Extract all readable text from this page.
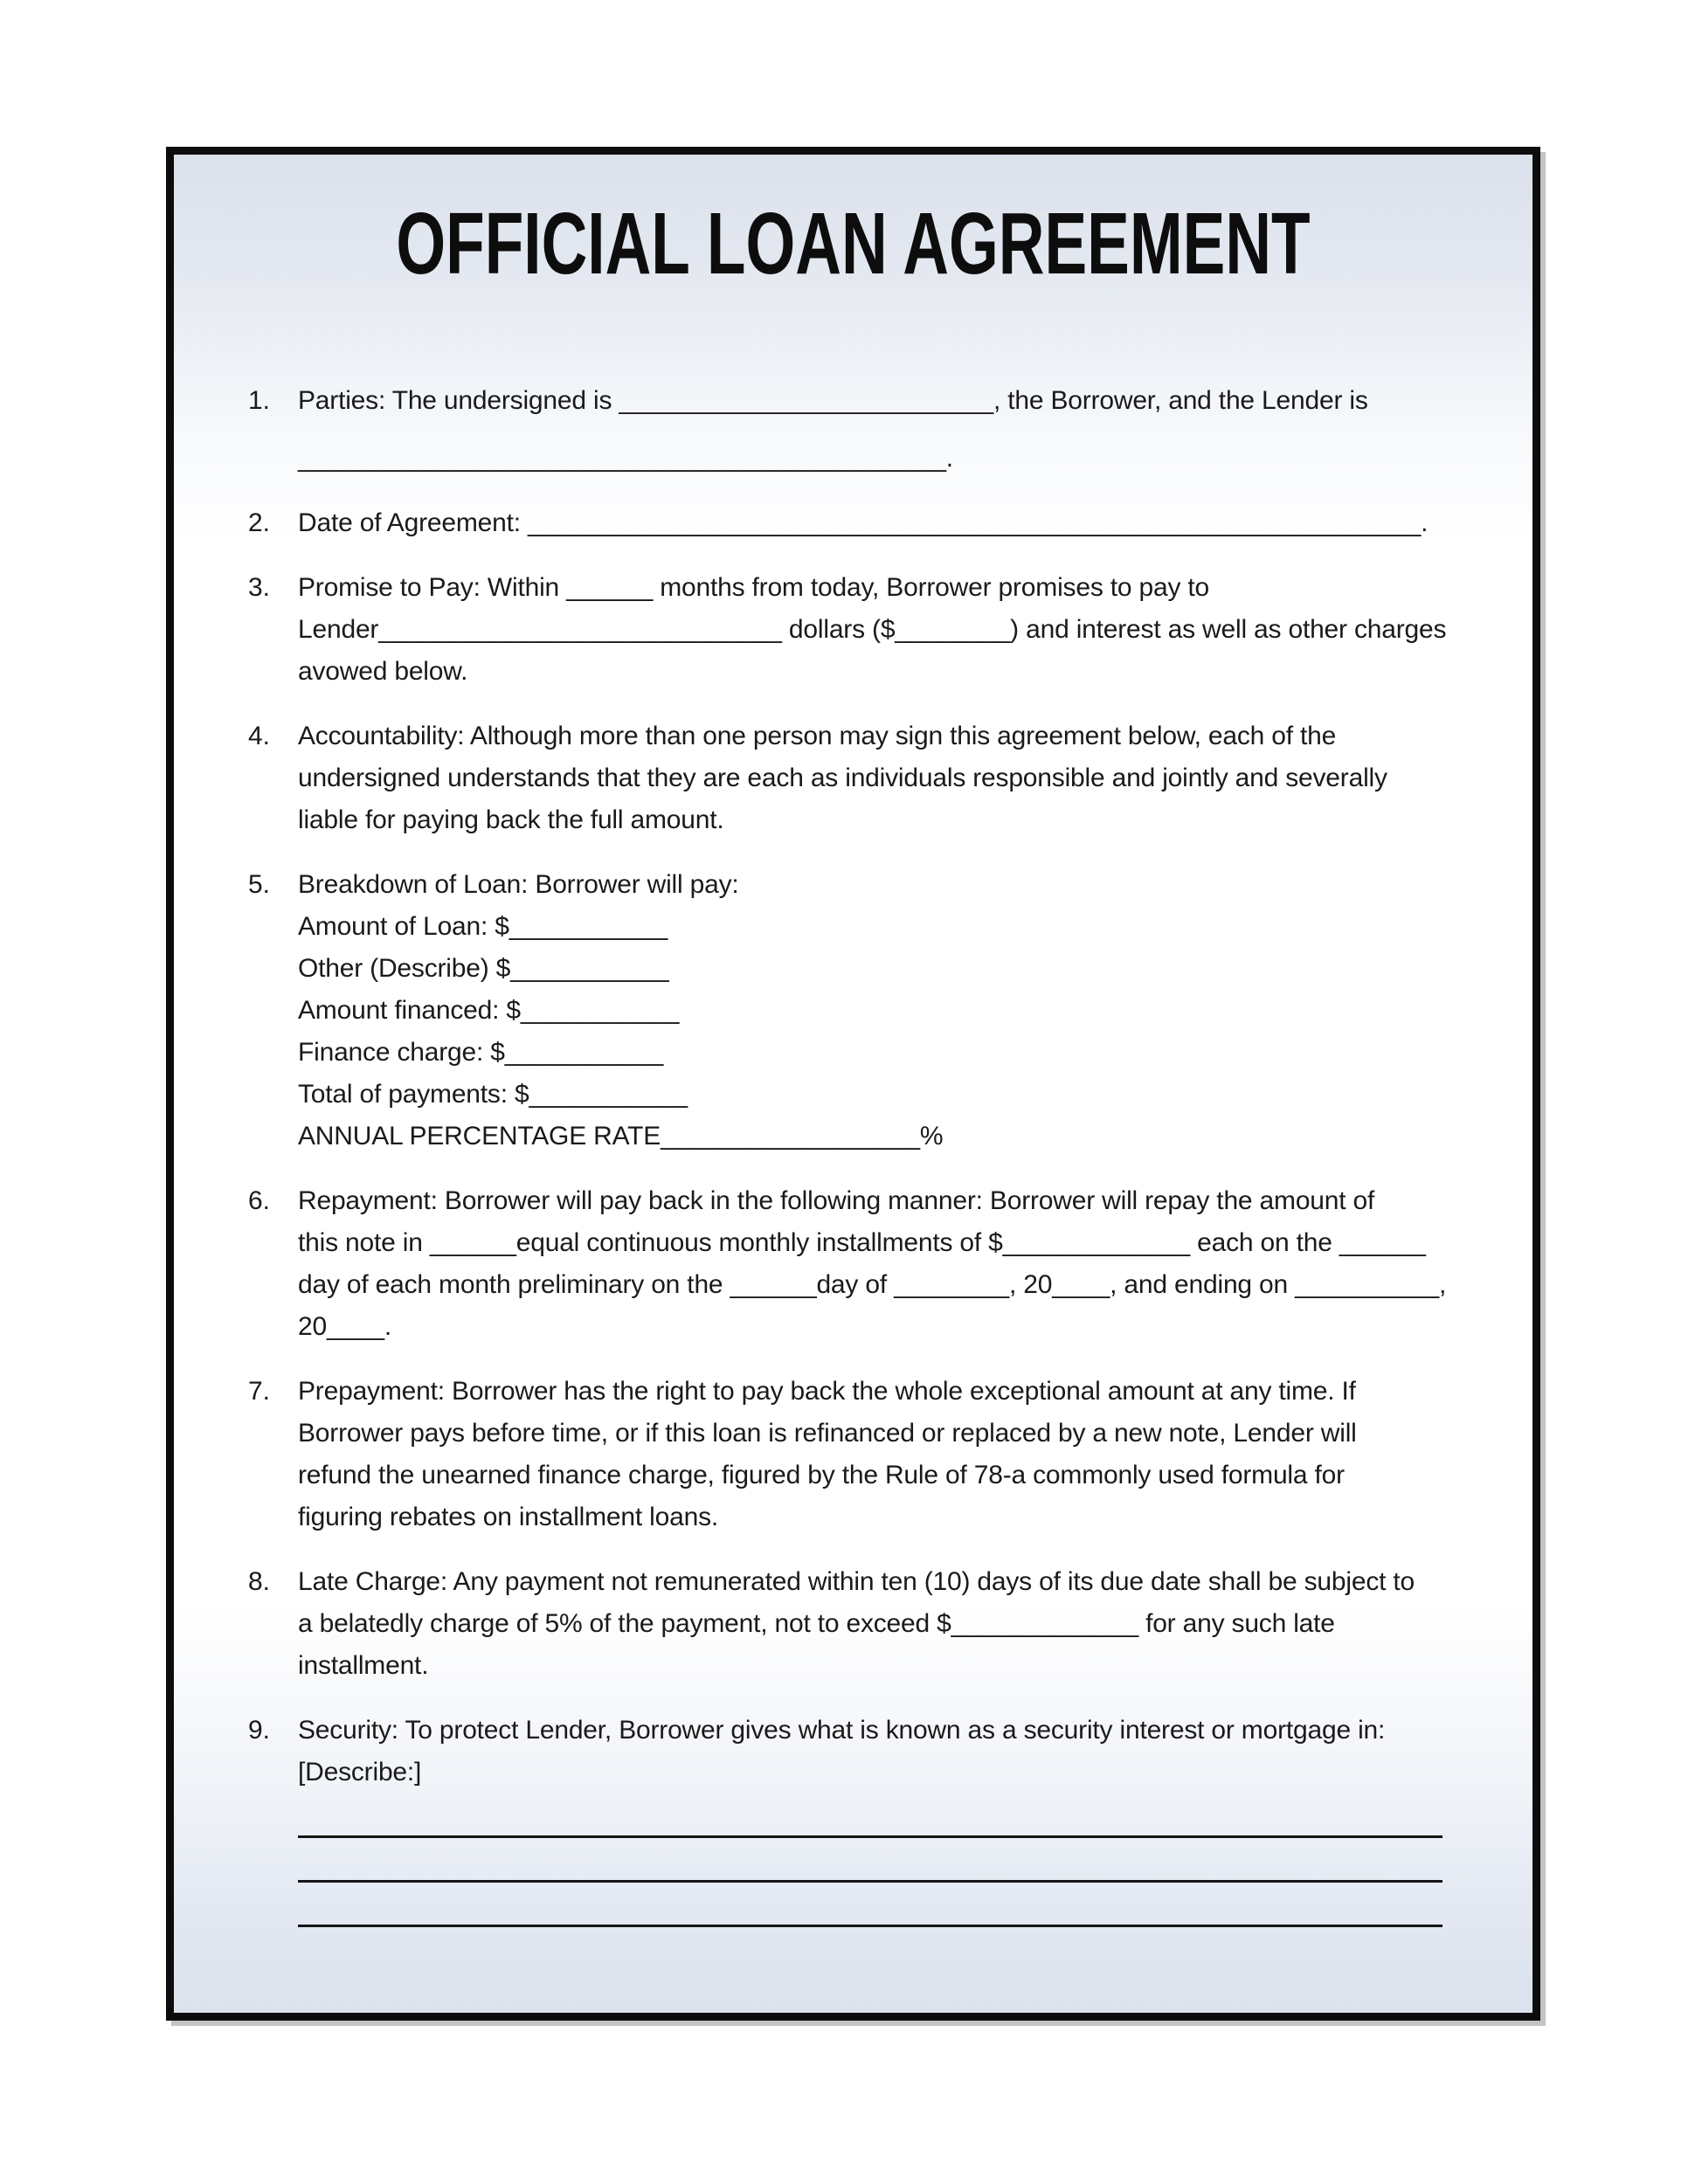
OFFICIAL LOAN AGREEMENT
1.	Parties: The undersigned is __________________________, the Borrower, and the Lender is
_____________________________________________.
2.	Date of Agreement: ______________________________________________________________.
3.	Promise to Pay: Within ______ months from today, Borrower promises to pay to
Lender____________________________ dollars ($________) and interest as well as other charges
avowed below.
4.	Accountability: Although more than one person may sign this agreement below, each of the
undersigned understands that they are each as individuals responsible and jointly and severally
liable for paying back the full amount.
5.	Breakdown of Loan: Borrower will pay:
Amount of Loan: $___________
Other (Describe) $___________
Amount financed: $___________
Finance charge: $___________
Total of payments: $___________
ANNUAL PERCENTAGE RATE__________________%
6.	Repayment: Borrower will pay back in the following manner: Borrower will repay the amount of
this note in ______equal continuous monthly installments of $_____________ each on the ______
day of each month preliminary on the ______day of ________, 20____, and ending on __________,
20____.
7.	Prepayment: Borrower has the right to pay back the whole exceptional amount at any time. If
Borrower pays before time, or if this loan is refinanced or replaced by a new note, Lender will
refund the unearned finance charge, figured by the Rule of 78-a commonly used formula for
figuring rebates on installment loans.
8.	Late Charge: Any payment not remunerated within ten (10) days of its due date shall be subject to
a belatedly charge of 5% of the payment, not to exceed $_____________ for any such late
installment.
9.	Security: To protect Lender, Borrower gives what is known as a security interest or mortgage in:
[Describe:]
